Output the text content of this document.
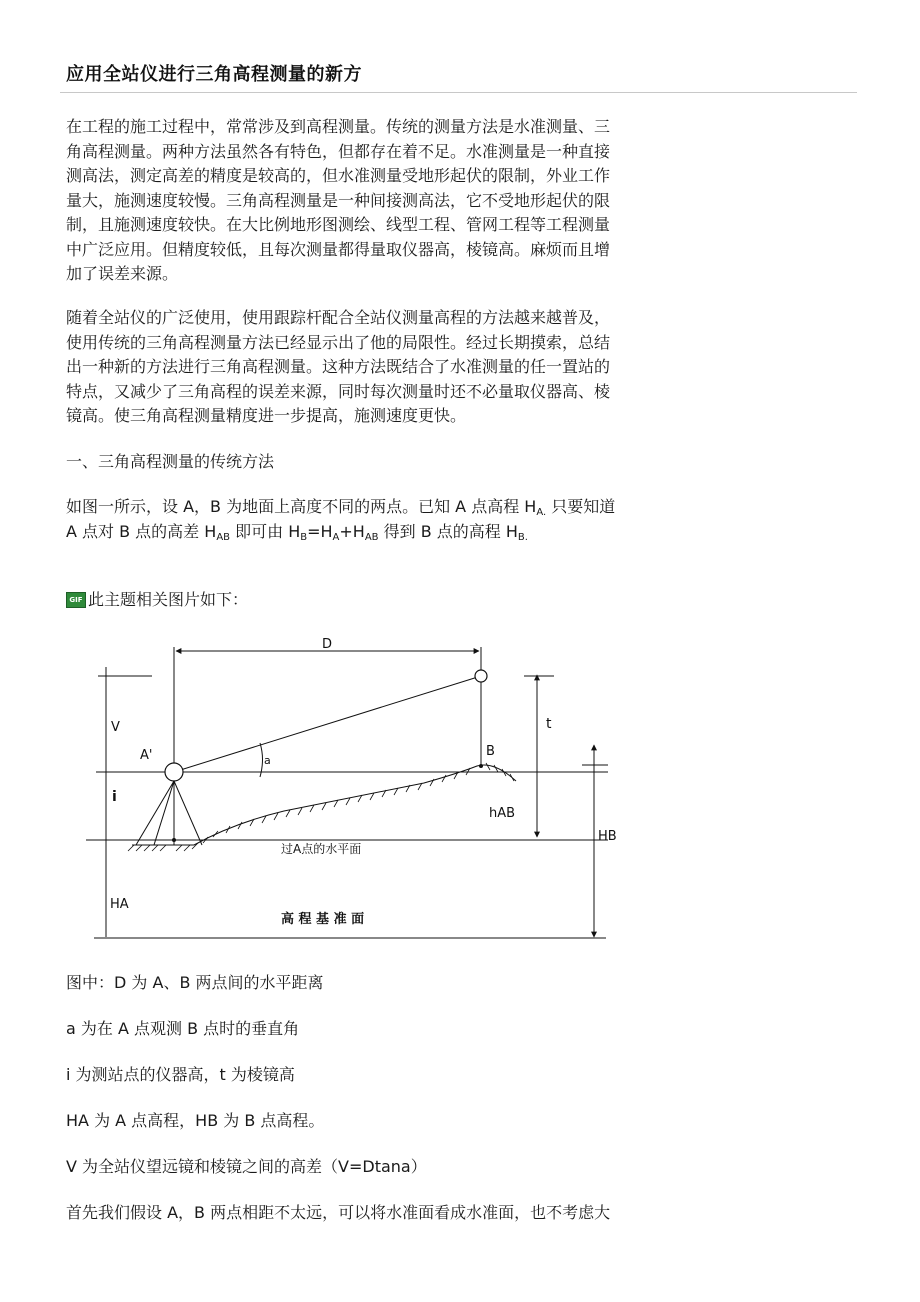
应用全站仪进行三角高程测量的新方
在工程的施工过程中，常常涉及到高程测量。传统的测量方法是水准测量、三
角高程测量。两种方法虽然各有特色，但都存在着不足。水准测量是一种直接
测高法，测定高差的精度是较高的，但水准测量受地形起伏的限制，外业工作
量大，施测速度较慢。三角高程测量是一种间接测高法，它不受地形起伏的限
制，且施测速度较快。在大比例地形图测绘、线型工程、管网工程等工程测量
中广泛应用。但精度较低，且每次测量都得量取仪器高，棱镜高。麻烦而且增
加了误差来源。
随着全站仪的广泛使用，使用跟踪杆配合全站仪测量高程的方法越来越普及，
使用传统的三角高程测量方法已经显示出了他的局限性。经过长期摸索，总结
出一种新的方法进行三角高程测量。这种方法既结合了水准测量的任一置站的
特点，又减少了三角高程的误差来源，同时每次测量时还不必量取仪器高、棱
镜高。使三角高程测量精度进一步提高，施测速度更快。
一、三角高程测量的传统方法
如图一所示，设 A，B 为地面上高度不同的两点。已知 A 点高程 $H_{A.}$ 只要知道
A 点对 B 点的高差 $H_{AB}$ 即可由 $H_B=H_A+H_{AB}$ 得到 B 点的高程 $H_{B.}$
GIF 此主题相关图片如下：
D
V	t
A'	a
B
i
hAB
HB
过A点的水平面
HA
高 程 基 准 面
图中：D 为 A、B 两点间的水平距离
a 为在 A 点观测 B 点时的垂直角
i 为测站点的仪器高，t 为棱镜高
HA 为 A 点高程，HB 为 B 点高程。
V 为全站仪望远镜和棱镜之间的高差（V=Dtana）
首先我们假设 A，B 两点相距不太远，可以将水准面看成水准面，也不考虑大
